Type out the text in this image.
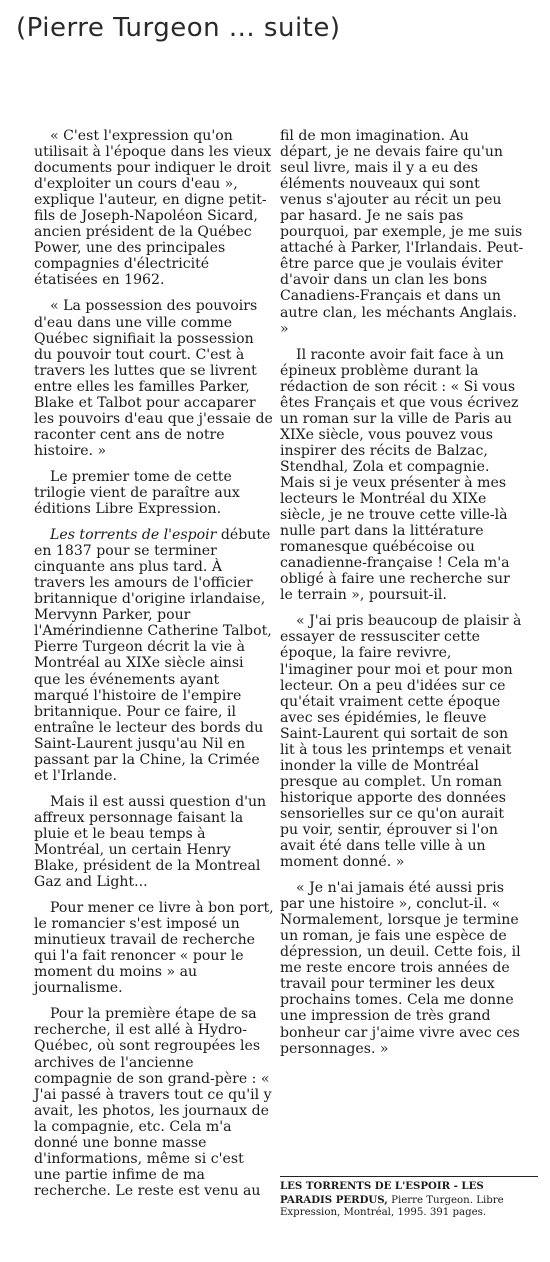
(Pierre Turgeon ... suite)

« C'est l'expression qu'on utilisait à l'époque dans les vieux documents pour indiquer le droit d'exploiter un cours d'eau », explique l'auteur, en digne petit-fils de Joseph-Napoléon Sicard, ancien président de la Québec Power, une des principales compagnies d'électricité étatisées en 1962.

« La possession des pouvoirs d'eau dans une ville comme Québec signifiait la possession du pouvoir tout court. C'est à travers les luttes que se livrent entre elles les familles Parker, Blake et Talbot pour accaparer les pouvoirs d'eau que j'essaie de raconter cent ans de notre histoire. »

Le premier tome de cette trilogie vient de paraître aux éditions Libre Expression.

Les torrents de l'espoir débute en 1837 pour se terminer cinquante ans plus tard. À travers les amours de l'officier britannique d'origine irlandaise, Mervynn Parker, pour l'Amérindienne Catherine Talbot, Pierre Turgeon décrit la vie à Montréal au XIXe siècle ainsi que les événements ayant marqué l'histoire de l'empire britannique. Pour ce faire, il entraîne le lecteur des bords du Saint-Laurent jusqu'au Nil en passant par la Chine, la Crimée et l'Irlande.

Mais il est aussi question d'un affreux personnage faisant la pluie et le beau temps à Montréal, un certain Henry Blake, président de la Montreal Gaz and Light...

Pour mener ce livre à bon port, le romancier s'est imposé un minutieux travail de recherche qui l'a fait renoncer « pour le moment du moins » au journalisme.

Pour la première étape de sa recherche, il est allé à Hydro-Québec, où sont regroupées les archives de l'ancienne compagnie de son grand-père : « J'ai passé à travers tout ce qu'il y avait, les photos, les journaux de la compagnie, etc. Cela m'a donné une bonne masse d'informations, même si c'est une partie infime de ma recherche. Le reste est venu au

fil de mon imagination. Au départ, je ne devais faire qu'un seul livre, mais il y a eu des éléments nouveaux qui sont venus s'ajouter au récit un peu par hasard. Je ne sais pas pourquoi, par exemple, je me suis attaché à Parker, l'Irlandais. Peut-être parce que je voulais éviter d'avoir dans un clan les bons Canadiens-Français et dans un autre clan, les méchants Anglais. »

Il raconte avoir fait face à un épineux problème durant la rédaction de son récit : « Si vous êtes Français et que vous écrivez un roman sur la ville de Paris au XIXe siècle, vous pouvez vous inspirer des récits de Balzac, Stendhal, Zola et compagnie. Mais si je veux présenter à mes lecteurs le Montréal du XIXe siècle, je ne trouve cette ville-là nulle part dans la littérature romanesque québécoise ou canadienne-française ! Cela m'a obligé à faire une recherche sur le terrain », poursuit-il.

« J'ai pris beaucoup de plaisir à essayer de ressusciter cette époque, la faire revivre, l'imaginer pour moi et pour mon lecteur. On a peu d'idées sur ce qu'était vraiment cette époque avec ses épidémies, le fleuve Saint-Laurent qui sortait de son lit à tous les printemps et venait inonder la ville de Montréal presque au complet. Un roman historique apporte des données sensorielles sur ce qu'on aurait pu voir, sentir, éprouver si l'on avait été dans telle ville à un moment donné. »

« Je n'ai jamais été aussi pris par une histoire », conclut-il. « Normalement, lorsque je termine un roman, je fais une espèce de dépression, un deuil. Cette fois, il me reste encore trois années de travail pour terminer les deux prochains tomes. Cela me donne une impression de très grand bonheur car j'aime vivre avec ces personnages. »

LES TORRENTS DE L'ESPOIR - LES PARADIS PERDUS, Pierre Turgeon. Libre Expression, Montréal, 1995. 391 pages.
